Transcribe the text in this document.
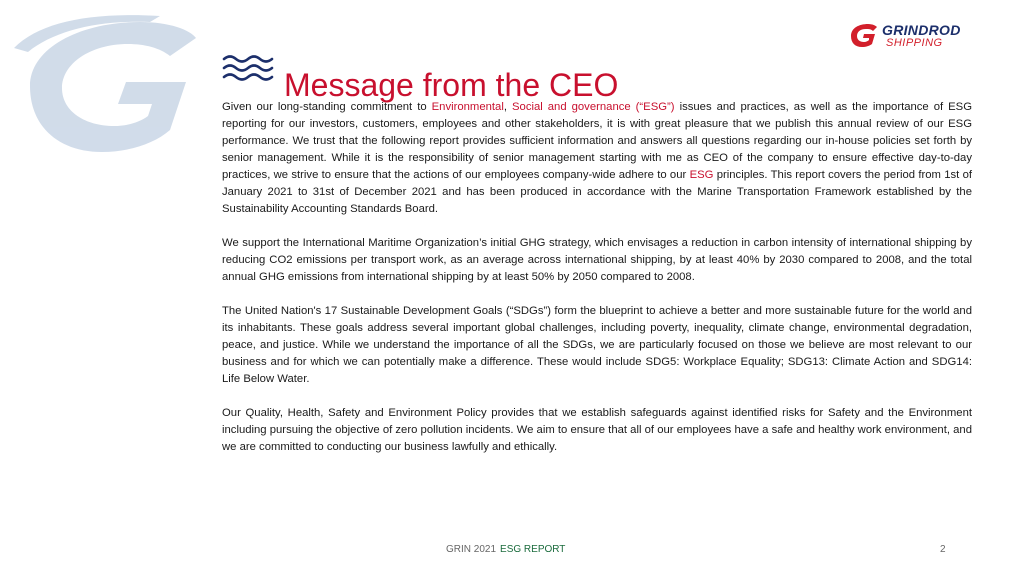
GRINDROD
SHIPPING
Message from the CEO

Given our long-standing commitment to Environmental, Social and governance (“ESG”) issues and practices, as well as the importance of ESG reporting for our investors, customers, employees and other stakeholders, it is with great pleasure that we publish this annual review of our ESG performance. We trust that the following report provides sufficient information and answers all questions regarding our in-house policies set forth by senior management. While it is the responsibility of senior management starting with me as CEO of the company to ensure effective day-to-day practices, we strive to ensure that the actions of our employees company-wide adhere to our ESG principles. This report covers the period from 1st of January 2021 to 31st of December 2021 and has been produced in accordance with the Marine Transportation Framework established by the Sustainability Accounting Standards Board.

We support the International Maritime Organization’s initial GHG strategy, which envisages a reduction in carbon intensity of international shipping by reducing CO2 emissions per transport work, as an average across international shipping, by at least 40% by 2030 compared to 2008, and the total annual GHG emissions from international shipping by at least 50% by 2050 compared to 2008.

The United Nation's 17 Sustainable Development Goals (“SDGs”) form the blueprint to achieve a better and more sustainable future for the world and its inhabitants. These goals address several important global challenges, including poverty, inequality, climate change, environmental degradation, peace, and justice. While we understand the importance of all the SDGs, we are particularly focused on those we believe are most relevant to our business and for which we can potentially make a difference. These would include SDG5: Workplace Equality; SDG13: Climate Action and SDG14: Life Below Water.

Our Quality, Health, Safety and Environment Policy provides that we establish safeguards against identified risks for Safety and the Environment including pursuing the objective of zero pollution incidents. We aim to ensure that all of our employees have a safe and healthy work environment, and we are committed to conducting our business lawfully and ethically.

GRIN 2021 ESG REPORT	2
